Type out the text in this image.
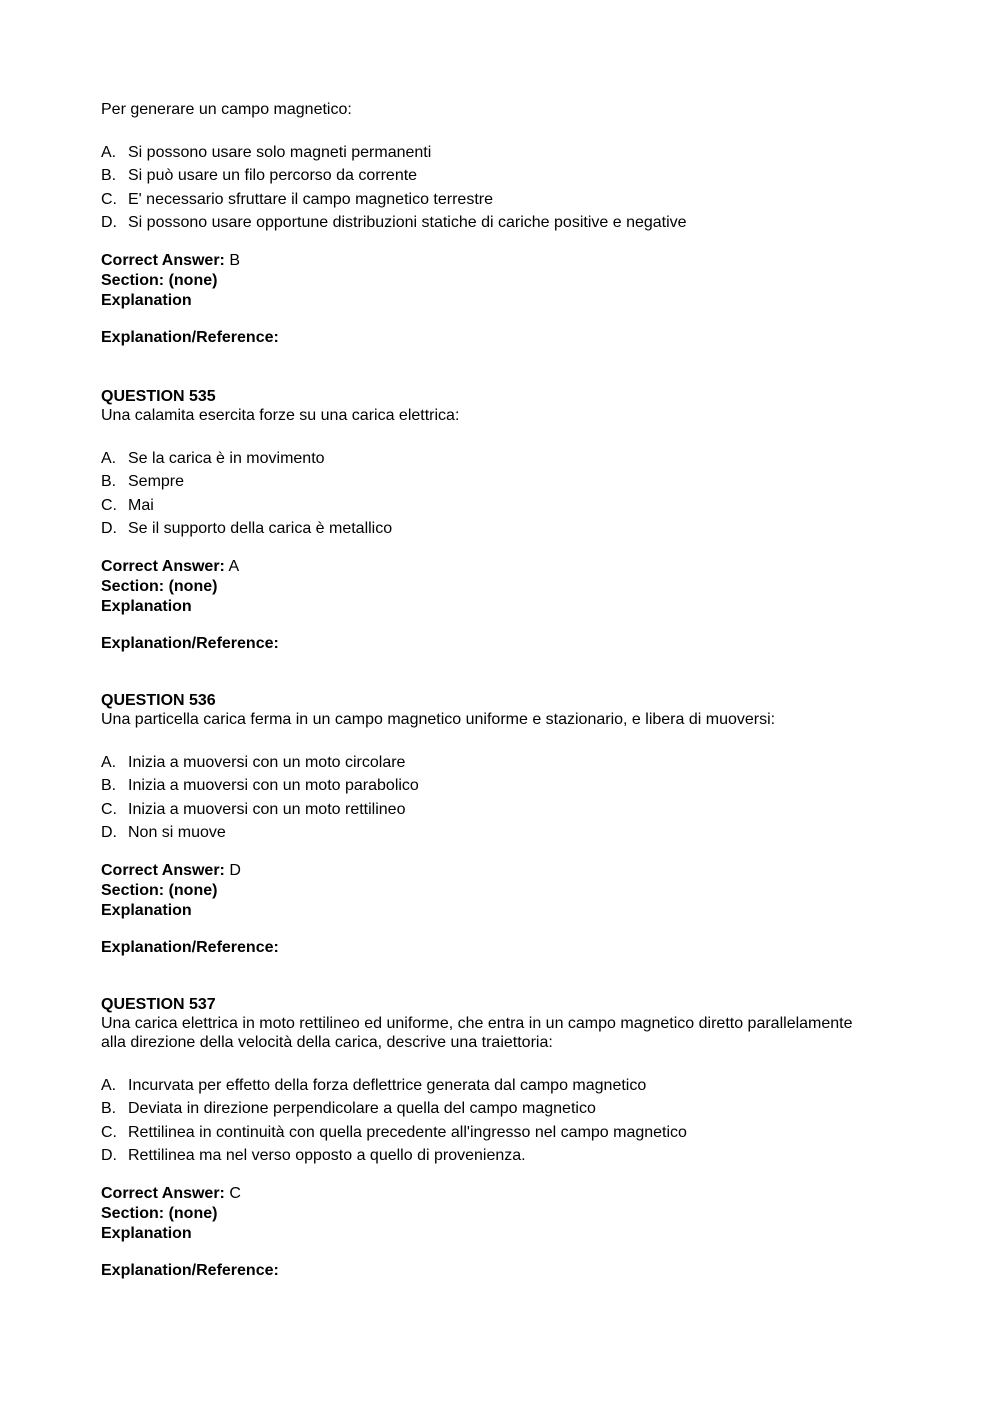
Per generare un campo magnetico:
A. Si possono usare solo magneti permanenti
B. Si può usare un filo percorso da corrente
C. E' necessario sfruttare il campo magnetico terrestre
D. Si possono usare opportune distribuzioni statiche di cariche positive e negative
Correct Answer: B
Section: (none)
Explanation
Explanation/Reference:
QUESTION 535
Una calamita esercita forze su una carica elettrica:
A. Se la carica è in movimento
B. Sempre
C. Mai
D. Se il supporto della carica è metallico
Correct Answer: A
Section: (none)
Explanation
Explanation/Reference:
QUESTION 536
Una particella carica ferma in un campo magnetico uniforme e stazionario, e libera di muoversi:
A. Inizia a muoversi con un moto circolare
B. Inizia a muoversi con un moto parabolico
C. Inizia a muoversi con un moto rettilineo
D. Non si muove
Correct Answer: D
Section: (none)
Explanation
Explanation/Reference:
QUESTION 537
Una carica elettrica in moto rettilineo ed uniforme, che entra in un campo magnetico diretto parallelamente
alla direzione della velocità della carica, descrive una traiettoria:
A. Incurvata per effetto della forza deflettrice generata dal campo magnetico
B. Deviata in direzione perpendicolare a quella del campo magnetico
C. Rettilinea in continuità con quella precedente all'ingresso nel campo magnetico
D. Rettilinea ma nel verso opposto a quello di provenienza.
Correct Answer: C
Section: (none)
Explanation
Explanation/Reference:
